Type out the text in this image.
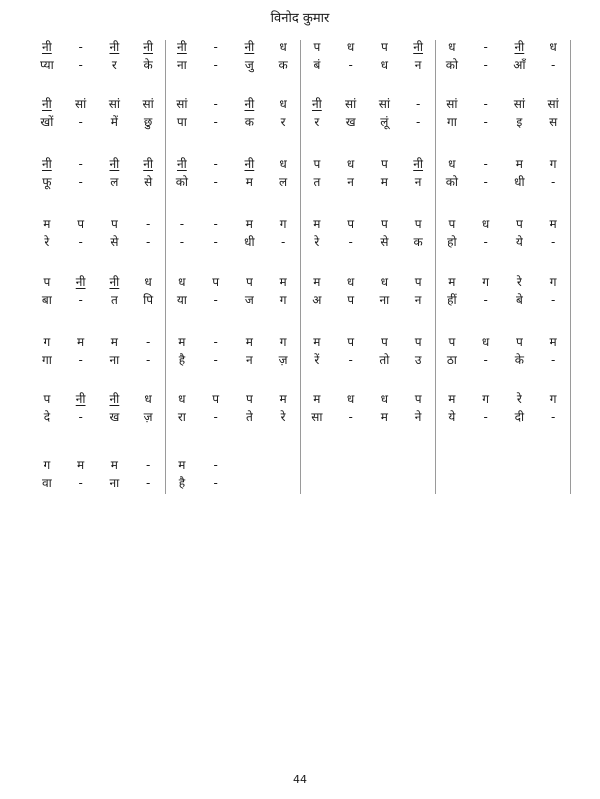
विनोद कुमार
नी
प्या
-
-
नी
र
नी
के
नी
ना
-
-
नी
जु
ध
क
प
बं
ध
-
प
ध
नी
न
ध
को
-
-
नी
आँ
ध
-
नी
खों
सां
-
सां
में
सां
छु
सां
पा
-
-
नी
क
ध
र
नी
र
सां
ख
सां
लूं
-
-
सां
गा
-
-
सां
इ
सां
स
नी
फू
-
-
नी
ल
नी
से
नी
को
-
-
नी
म
ध
ल
प
त
ध
न
प
म
नी
न
ध
को
-
-
म
धी
ग
-
म
रे
प
-
प
से
-
-
-
-
-
-
म
धी
ग
-
म
रे
प
-
प
से
प
क
प
हो
ध
-
प
ये
म
-
प
बा
नी
-
नी
त
ध
पि
ध
या
प
-
प
ज
म
ग
म
अ
ध
प
ध
ना
प
न
म
हीं
ग
-
रे
बे
ग
-
ग
गा
म
-
म
ना
-
-
म
है
-
-
म
न
ग
ज़
म
रें
प
-
प
तो
प
उ
प
ठा
ध
-
प
के
म
-
प
दे
नी
-
नी
ख
ध
ज़
ध
रा
प
-
प
ते
म
रे
म
सा
ध
-
ध
म
प
ने
म
ये
ग
-
रे
दी
ग
-
ग
वा
म
-
म
ना
-
-
म
है
-
-
44
